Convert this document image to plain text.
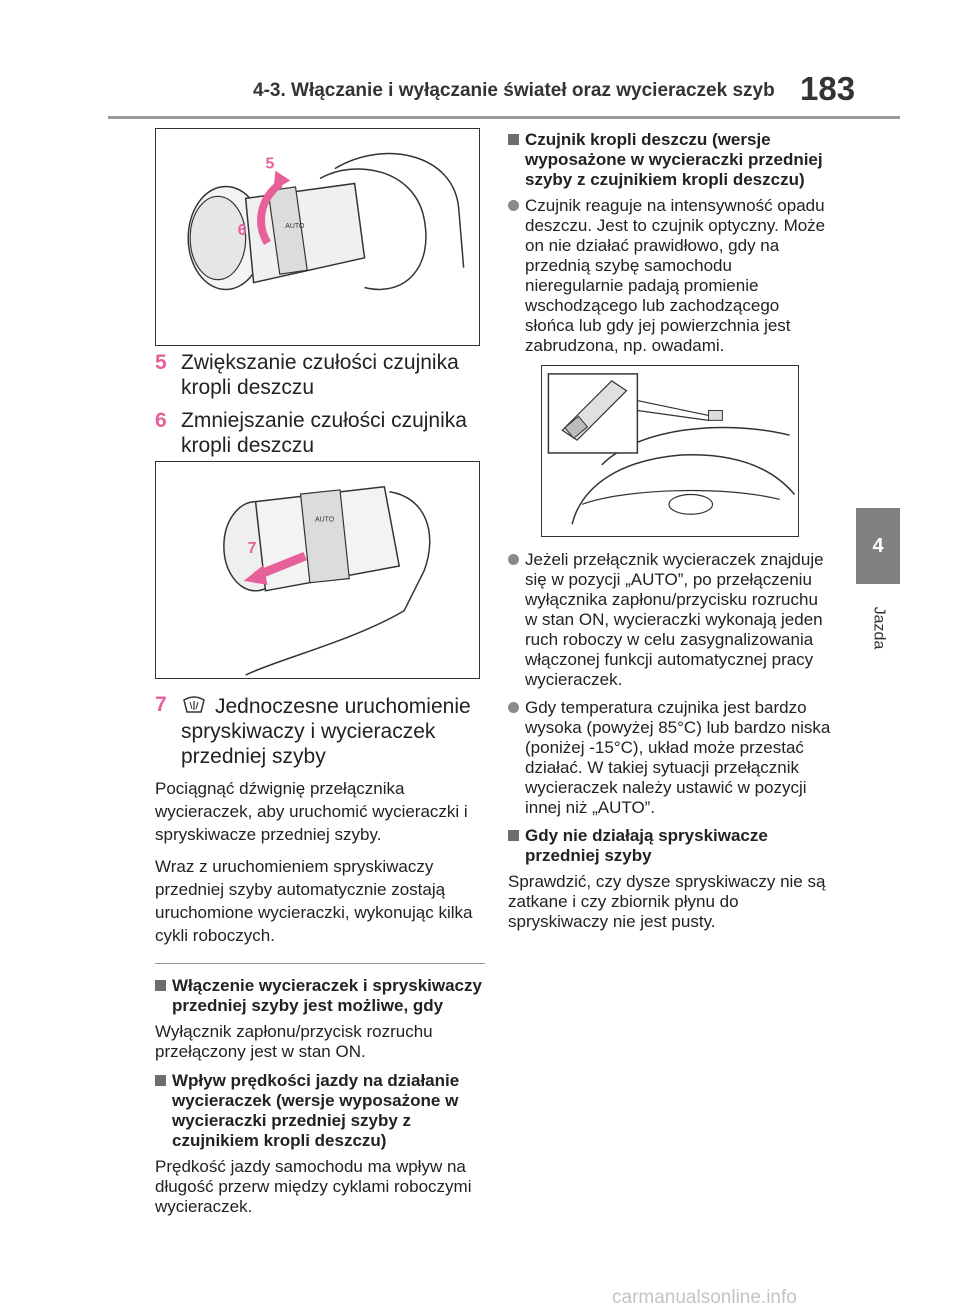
4-3. Włączanie i wyłączanie świateł oraz wycieraczek szyb 183
4
Jazda
AUTO
5
6
5 Zwiększanie czułości czujnika kropli deszczu
6 Zmniejszanie czułości czujnika kropli deszczu
AUTO
7
7 Jednoczesne uruchomienie spryskiwaczy i wycieraczek przedniej szyby

Pociągnąć dźwignię przełącznika wycieraczek, aby uruchomić wycieraczki i spryskiwacze przedniej szyby.

Wraz z uruchomieniem spryskiwaczy przedniej szyby automatycznie zostają uruchomione wycieraczki, wykonując kilka cykli roboczych.

Włączenie wycieraczek i spryskiwaczy przedniej szyby jest możliwe, gdy

Wyłącznik zapłonu/przycisk rozruchu przełączony jest w stan ON.

Wpływ prędkości jazdy na działanie wycieraczek (wersje wyposażone w wycieraczki przedniej szyby z czujnikiem kropli deszczu)

Prędkość jazdy samochodu ma wpływ na długość przerw między cyklami roboczymi wycieraczek.

Czujnik kropli deszczu (wersje wyposażone w wycieraczki przedniej szyby z czujnikiem kropli deszczu)
Czujnik reaguje na intensywność opadu deszczu. Jest to czujnik optyczny. Może on nie działać prawidłowo, gdy na przednią szybę samochodu nieregularnie padają promienie wschodzącego lub zachodzącego słońca lub gdy jej powierzchnia jest zabrudzona, np. owadami.
Jeżeli przełącznik wycieraczek znajduje się w pozycji „AUTO”, po przełączeniu wyłącznika zapłonu/przycisku rozruchu w stan ON, wycieraczki wykonają jeden ruch roboczy w celu zasygnalizowania włączonej funkcji automatycznej pracy wycieraczek.
Gdy temperatura czujnika jest bardzo wysoka (powyżej 85°C) lub bardzo niska (poniżej -15°C), układ może przestać działać. W takiej sytuacji przełącznik wycieraczek należy ustawić w pozycji innej niż „AUTO”.
Gdy nie działają spryskiwacze przedniej szyby

Sprawdzić, czy dysze spryskiwaczy nie są zatkane i czy zbiornik płynu do spryskiwaczy nie jest pusty.

carmanualsonline.info
